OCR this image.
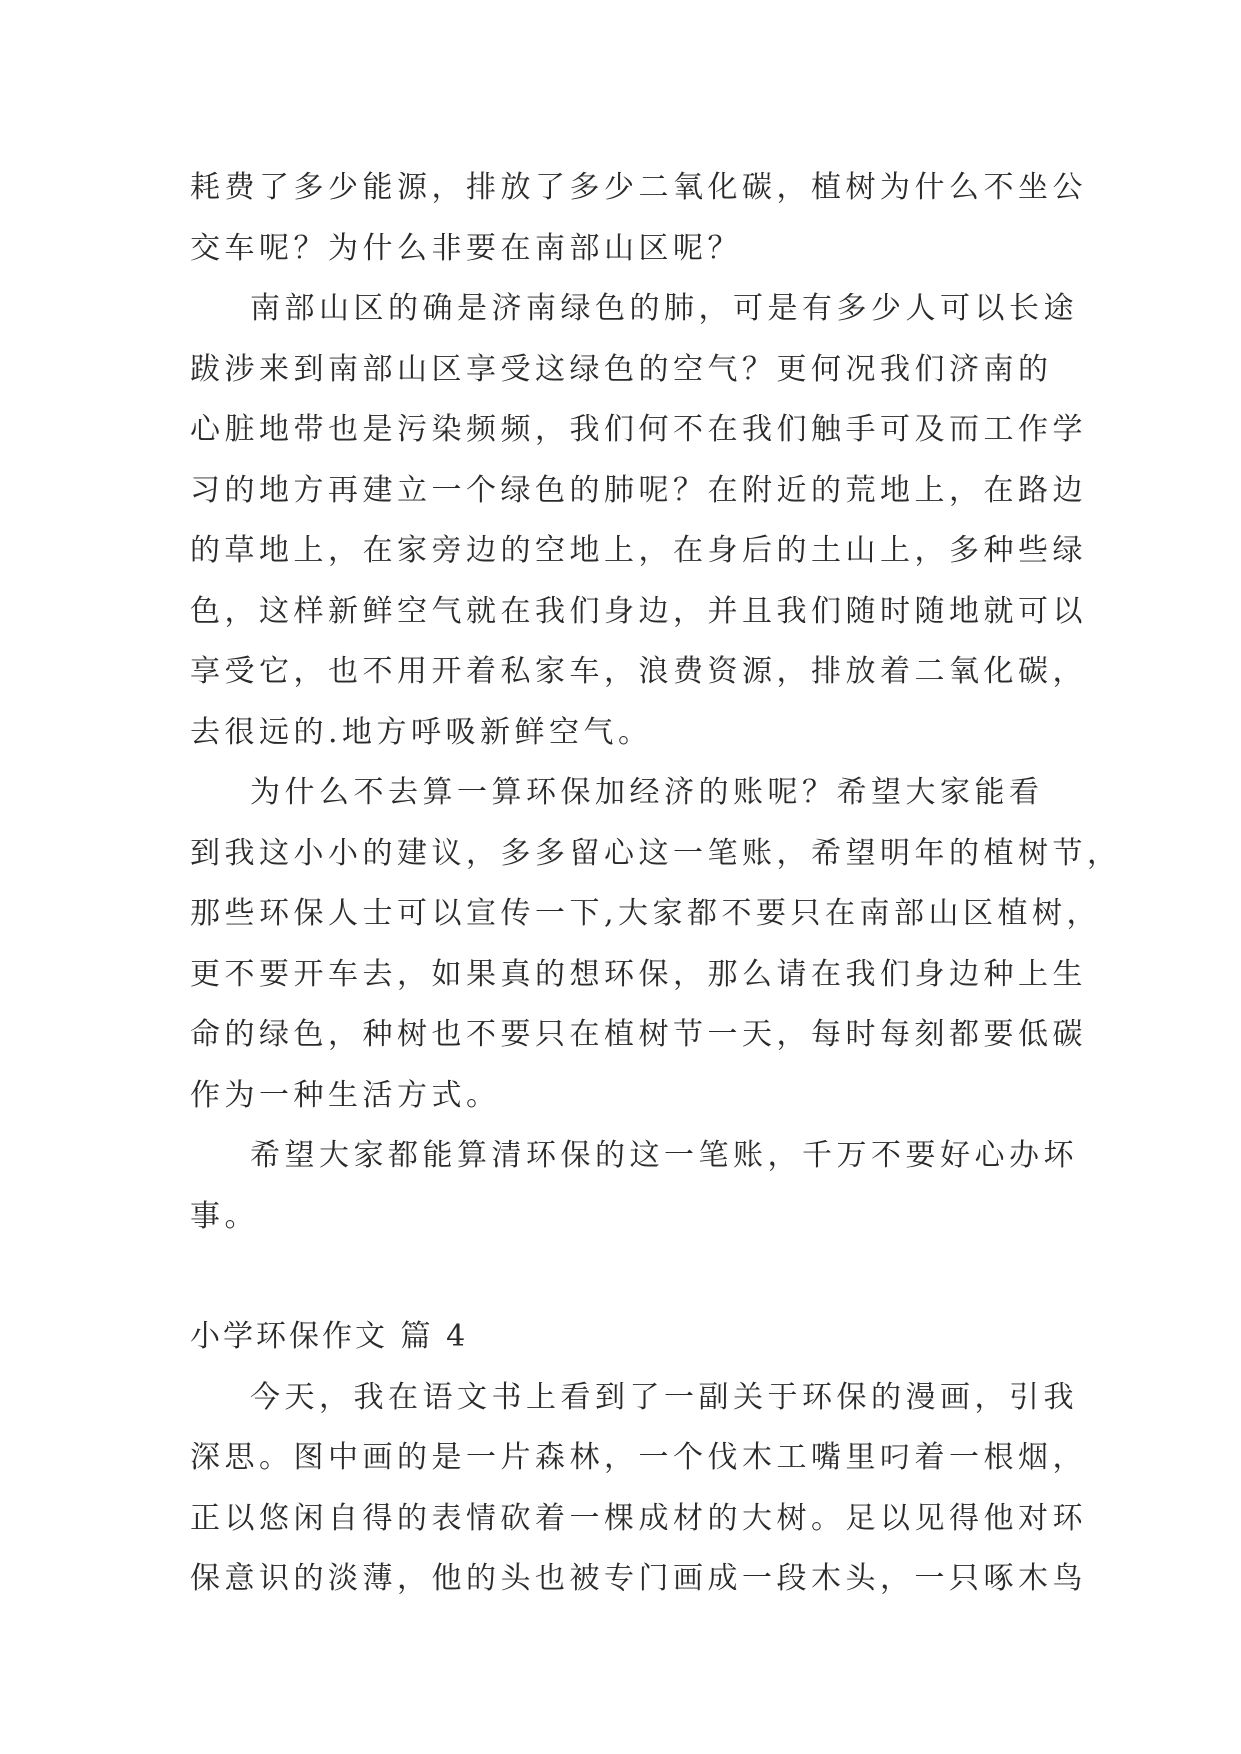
耗费了多少能源，排放了多少二氧化碳，植树为什么不坐公
交车呢？为什么非要在南部山区呢？

南部山区的确是济南绿色的肺，可是有多少人可以长途
跋涉来到南部山区享受这绿色的空气？更何况我们济南的
心脏地带也是污染频频，我们何不在我们触手可及而工作学
习的地方再建立一个绿色的肺呢？在附近的荒地上，在路边
的草地上，在家旁边的空地上，在身后的土山上，多种些绿
色，这样新鲜空气就在我们身边，并且我们随时随地就可以
享受它，也不用开着私家车，浪费资源，排放着二氧化碳，
去很远的.地方呼吸新鲜空气。

为什么不去算一算环保加经济的账呢？希望大家能看
到我这小小的建议，多多留心这一笔账，希望明年的植树节，
那些环保人士可以宣传一下,大家都不要只在南部山区植树，
更不要开车去，如果真的想环保，那么请在我们身边种上生
命的绿色，种树也不要只在植树节一天，每时每刻都要低碳
作为一种生活方式。

希望大家都能算清环保的这一笔账，千万不要好心办坏
事。

小学环保作文 篇 4

今天，我在语文书上看到了一副关于环保的漫画，引我
深思。图中画的是一片森林，一个伐木工嘴里叼着一根烟，
正以悠闲自得的表情砍着一棵成材的大树。足以见得他对环
保意识的淡薄，他的头也被专门画成一段木头，一只啄木鸟
